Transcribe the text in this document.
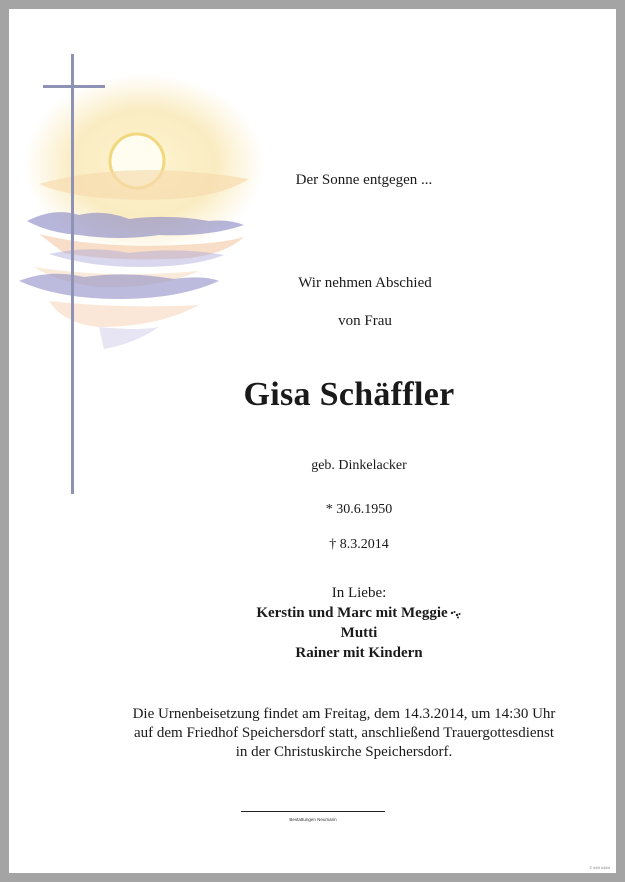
Der Sonne entgegen ...
Wir nehmen Abschied
von Frau
Gisa Schäffler
geb. Dinkelacker
* 30.6.1950
† 8.3.2014
In Liebe:
Kerstin und Marc mit Meggie
Mutti
Rainer mit Kindern
Die Urnenbeisetzung findet am Freitag, dem 14.3.2014, um 14:30 Uhr
auf dem Friedhof Speichersdorf statt, anschließend Trauergottesdienst
in der Christuskirche Speichersdorf.
Bestattungen Neumann
© ### ####
